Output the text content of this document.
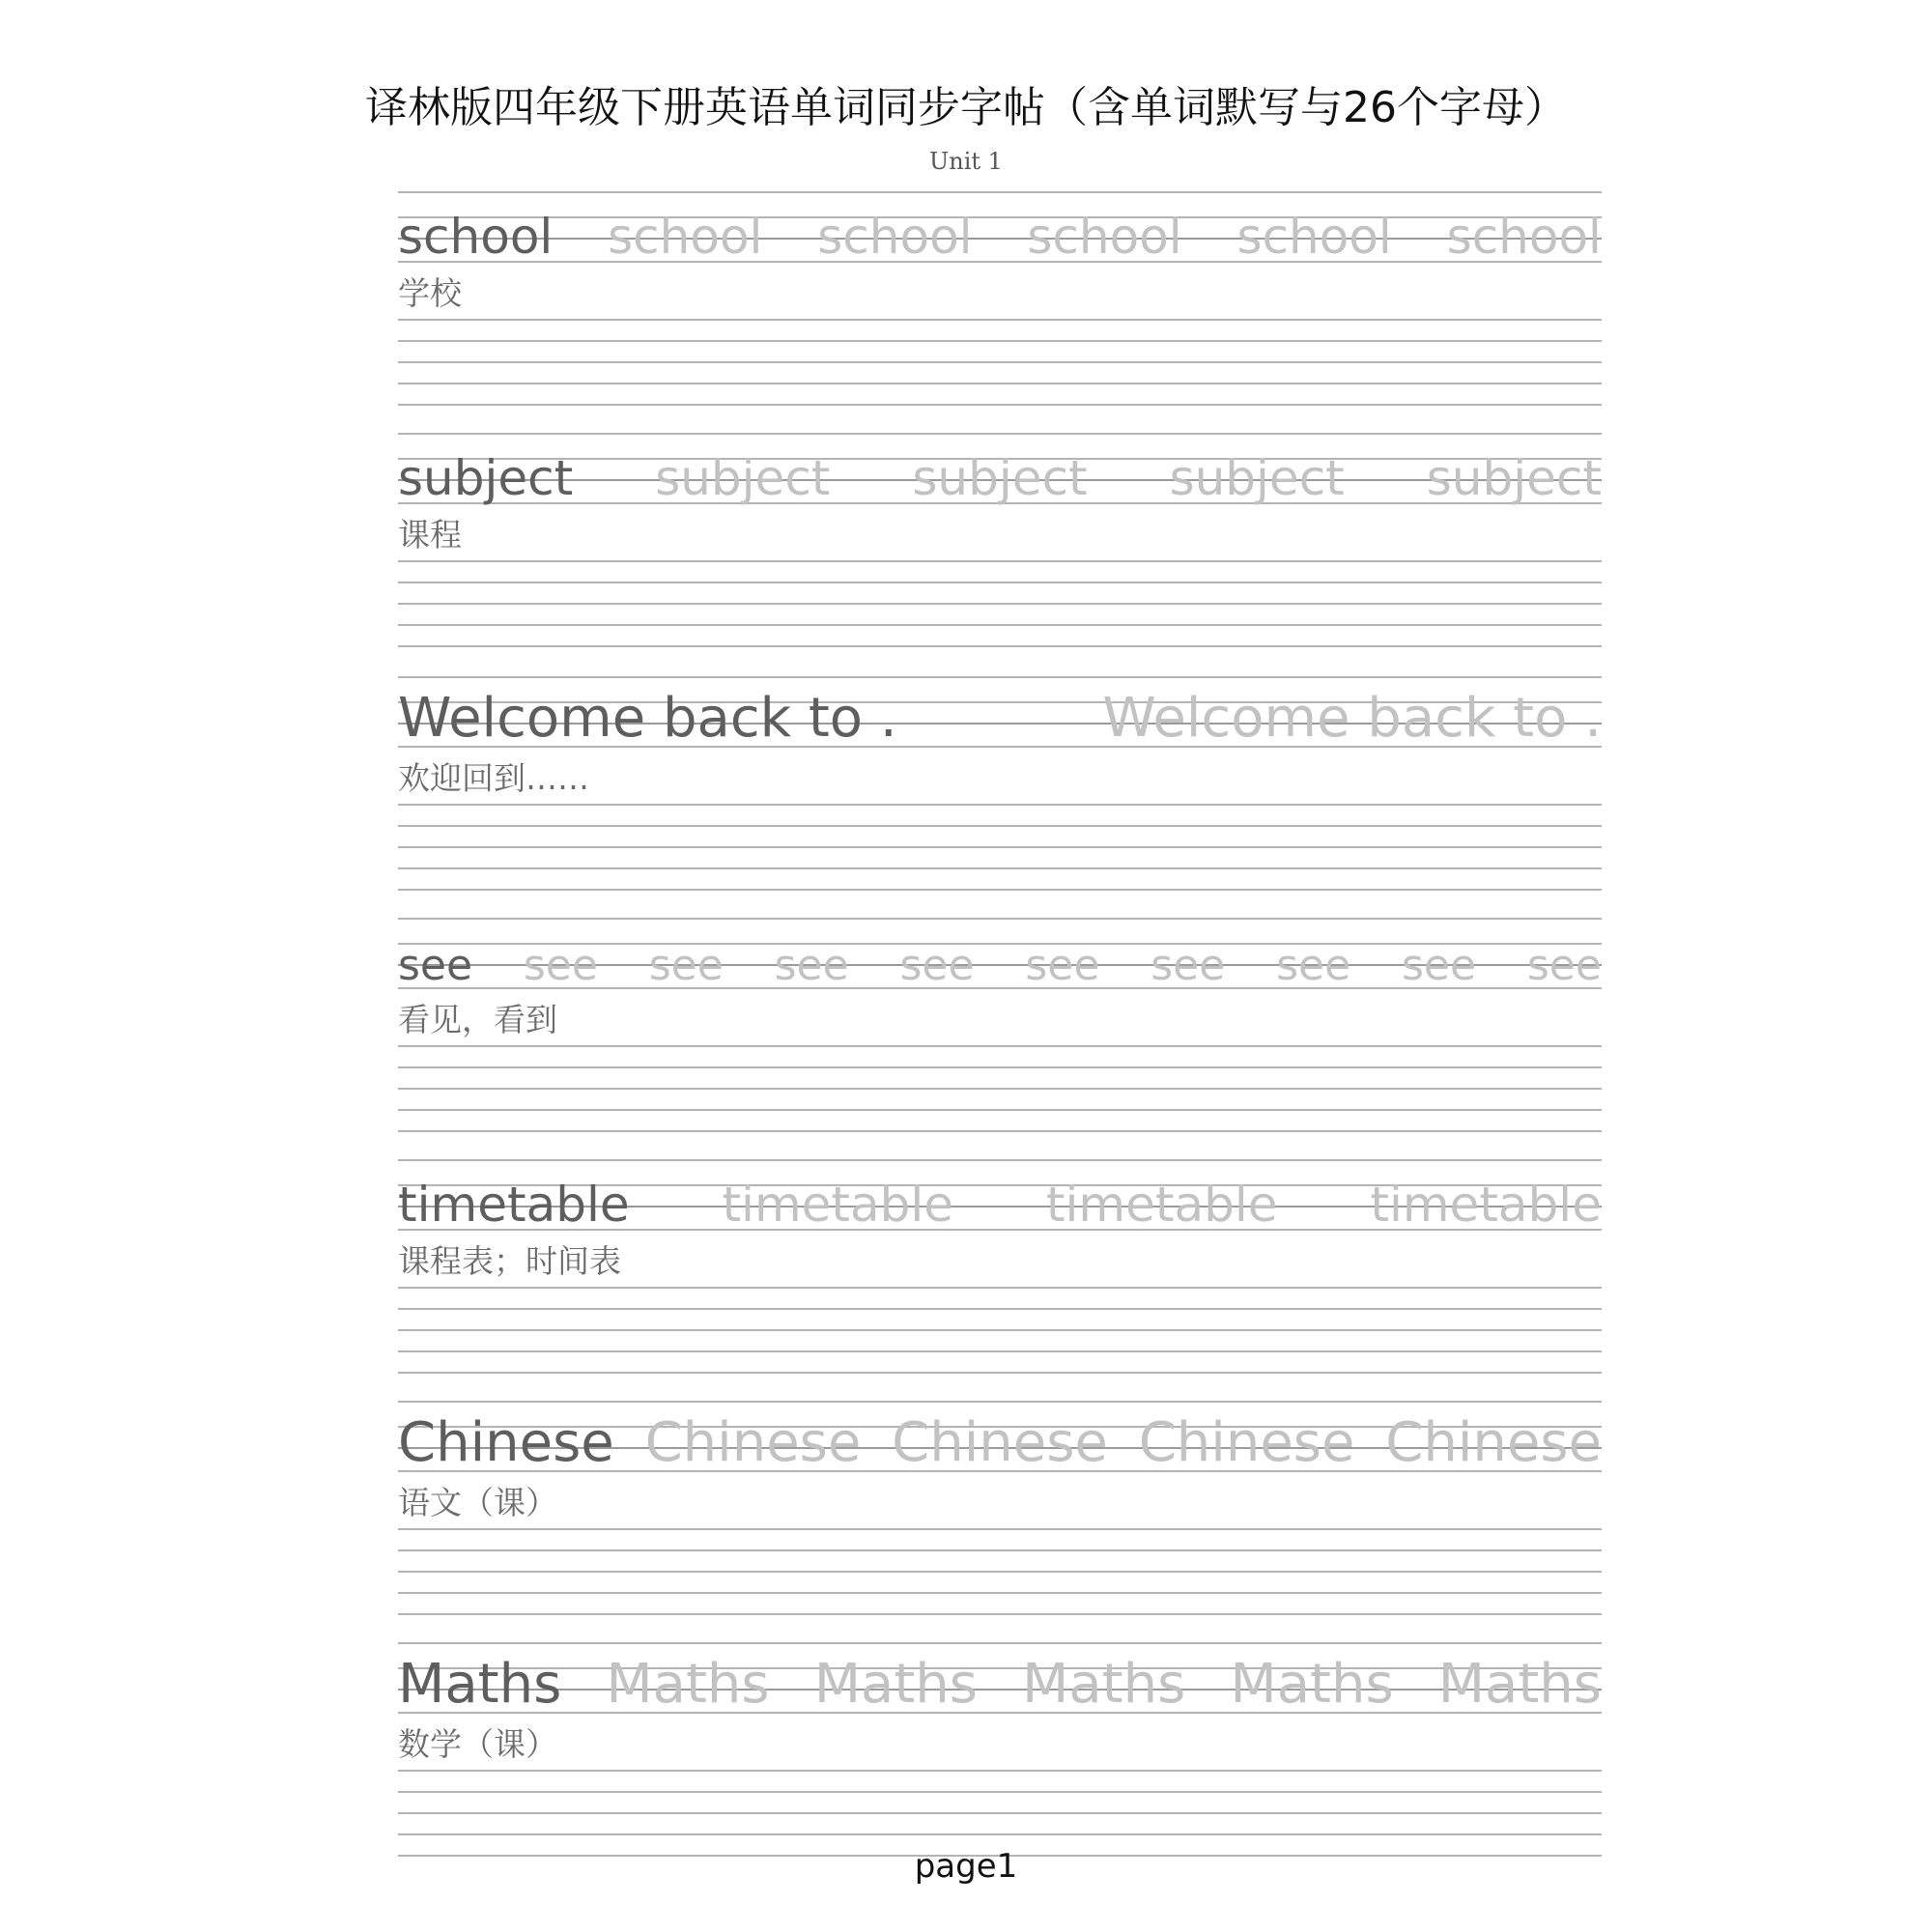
译林版四年级下册英语单词同步字帖（含单词默写与26个字母）
Unit 1
school school school school school school
学校
subject subject subject subject subject
课程
Welcome back to .	Welcome back to .
欢迎回到……
see see see see see see see see see see
看见，看到
timetable timetable timetable timetable
课程表；时间表
Chinese Chinese Chinese Chinese Chinese
语文（课）
Maths Maths Maths Maths Maths Maths
数学（课）
page1
